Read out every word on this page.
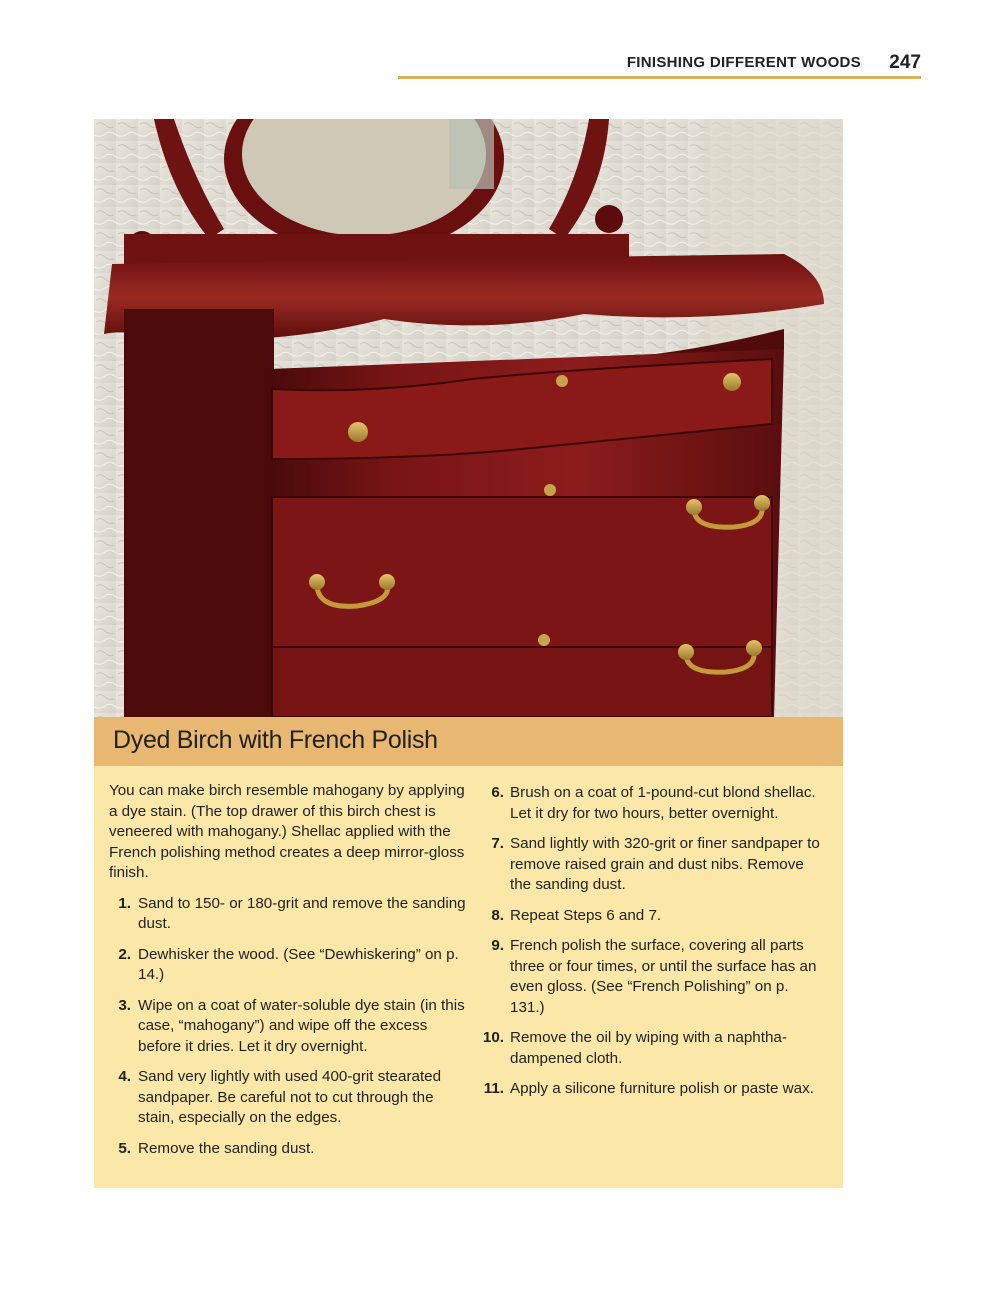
FINISHING DIFFERENT WOODS 247
Dyed Birch with French Polish

You can make birch resemble mahogany by applying a dye stain. (The top drawer of this birch chest is veneered with mahogany.) Shellac applied with the French polishing method creates a deep mirror-gloss finish.

1. Sand to 150- or 180-grit and remove the sanding dust.
2. Dewhisker the wood. (See “Dewhiskering” on p. 14.)
3. Wipe on a coat of water-soluble dye stain (in this case, “mahogany”) and wipe off the excess before it dries. Let it dry overnight.
4. Sand very lightly with used 400-grit stearated sandpaper. Be careful not to cut through the stain, especially on the edges.
5. Remove the sanding dust.
6. Brush on a coat of 1-pound-cut blond shellac. Let it dry for two hours, better overnight.
7. Sand lightly with 320-grit or finer sandpaper to remove raised grain and dust nibs. Remove the sanding dust.
8. Repeat Steps 6 and 7.
9. French polish the surface, covering all parts three or four times, or until the surface has an even gloss. (See “French Polishing” on p. 131.)
10. Remove the oil by wiping with a naphtha-dampened cloth.
11. Apply a silicone furniture polish or paste wax.
